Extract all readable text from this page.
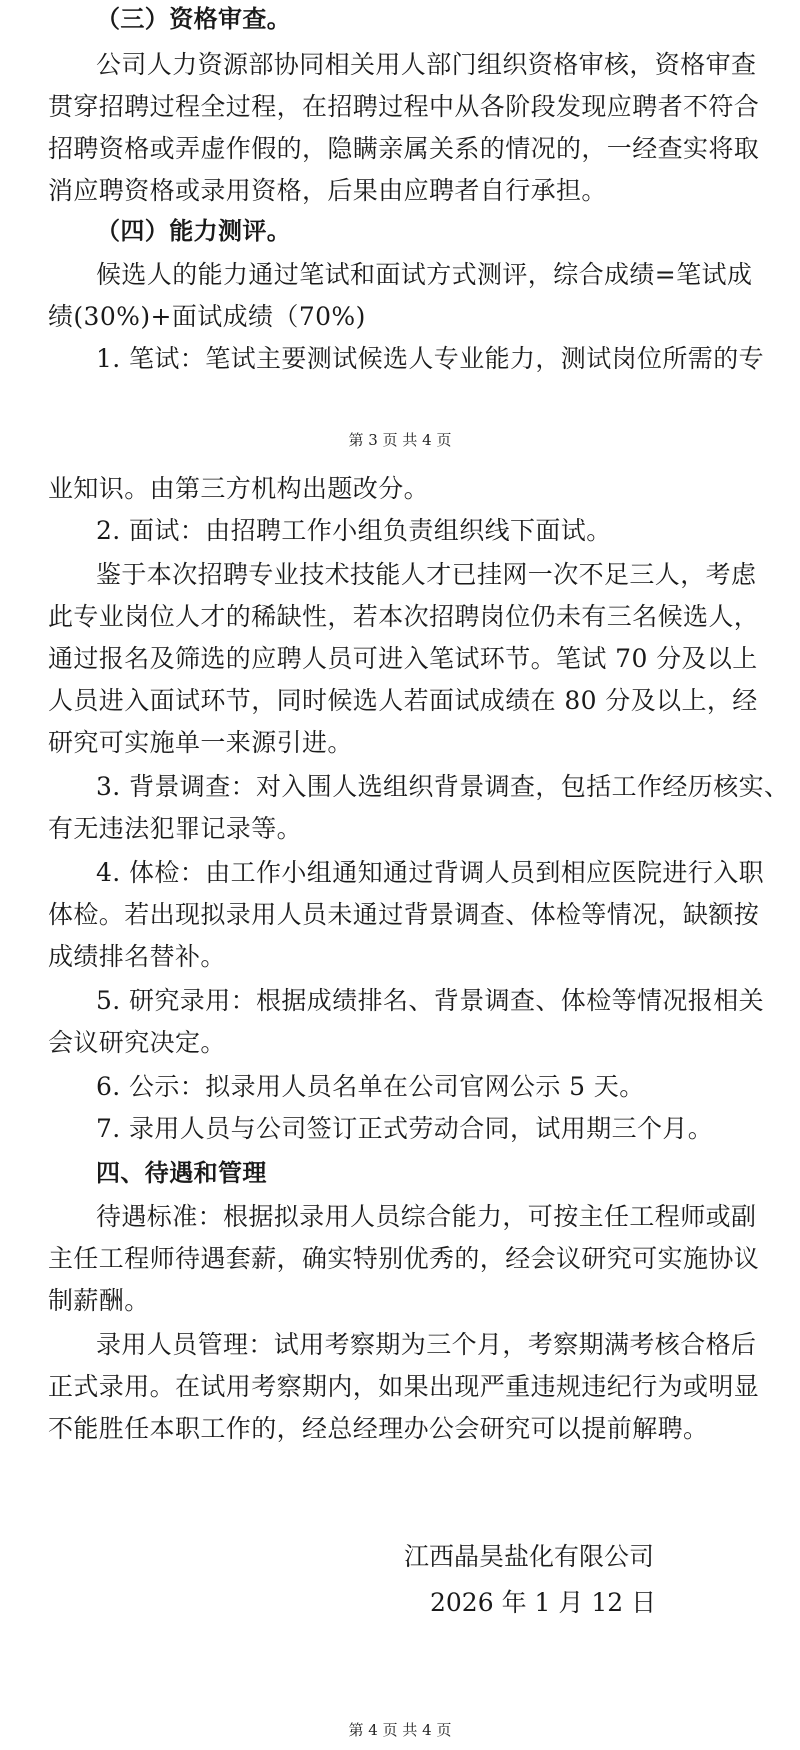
（三）资格审查。
公司人力资源部协同相关用人部门组织资格审核，资格审查
贯穿招聘过程全过程，在招聘过程中从各阶段发现应聘者不符合
招聘资格或弄虚作假的，隐瞒亲属关系的情况的，一经查实将取
消应聘资格或录用资格，后果由应聘者自行承担。
（四）能力测评。
候选人的能力通过笔试和面试方式测评，综合成绩=笔试成
绩(30%)+面试成绩（70%)
1. 笔试：笔试主要测试候选人专业能力，测试岗位所需的专
第 3 页 共 4 页
业知识。由第三方机构出题改分。
2. 面试：由招聘工作小组负责组织线下面试。
鉴于本次招聘专业技术技能人才已挂网一次不足三人，考虑
此专业岗位人才的稀缺性，若本次招聘岗位仍未有三名候选人，
通过报名及筛选的应聘人员可进入笔试环节。笔试 70 分及以上
人员进入面试环节，同时候选人若面试成绩在 80 分及以上，经
研究可实施单一来源引进。
3. 背景调查：对入围人选组织背景调查，包括工作经历核实、
有无违法犯罪记录等。
4. 体检：由工作小组通知通过背调人员到相应医院进行入职
体检。若出现拟录用人员未通过背景调查、体检等情况，缺额按
成绩排名替补。
5. 研究录用：根据成绩排名、背景调查、体检等情况报相关
会议研究决定。
6. 公示：拟录用人员名单在公司官网公示 5 天。
7. 录用人员与公司签订正式劳动合同，试用期三个月。
四、待遇和管理
待遇标准：根据拟录用人员综合能力，可按主任工程师或副
主任工程师待遇套薪，确实特别优秀的，经会议研究可实施协议
制薪酬。
录用人员管理：试用考察期为三个月，考察期满考核合格后
正式录用。在试用考察期内，如果出现严重违规违纪行为或明显
不能胜任本职工作的，经总经理办公会研究可以提前解聘。
江西晶昊盐化有限公司
2026 年 1 月 12 日
第 4 页 共 4 页
